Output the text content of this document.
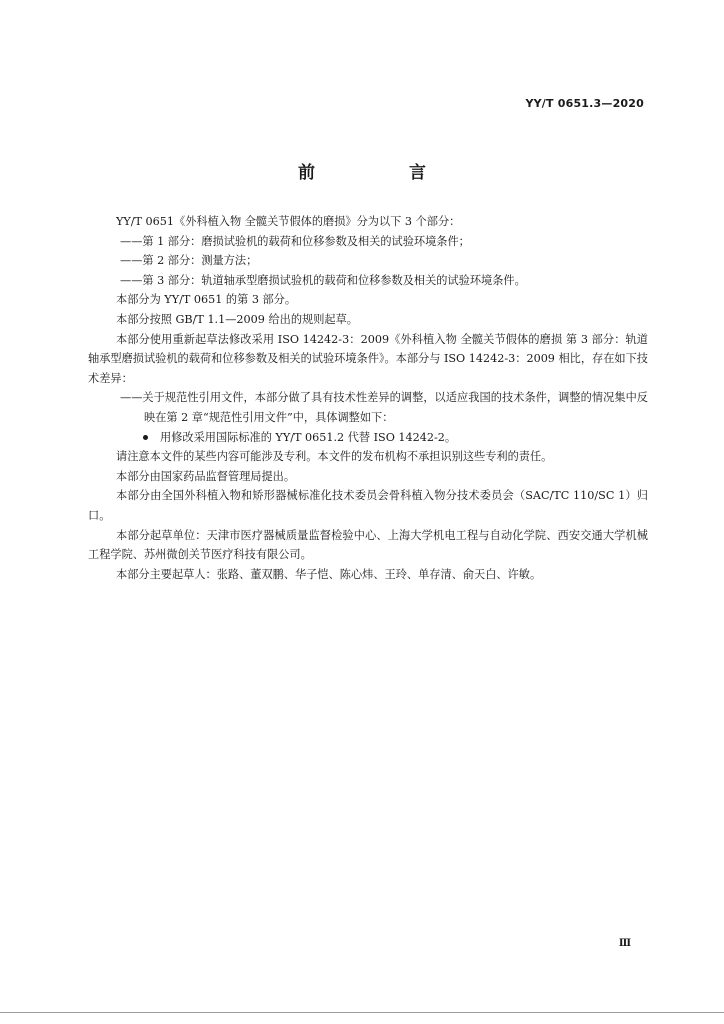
YY/T 0651.3—2020
前 言

YY/T 0651《外科植入物 全髋关节假体的磨损》分为以下 3 个部分：

——第 1 部分：磨损试验机的载荷和位移参数及相关的试验环境条件；

——第 2 部分：测量方法；

——第 3 部分：轨道轴承型磨损试验机的载荷和位移参数及相关的试验环境条件。

本部分为 YY/T 0651 的第 3 部分。

本部分按照 GB/T 1.1—2009 给出的规则起草。

本部分使用重新起草法修改采用 ISO 14242-3：2009《外科植入物 全髋关节假体的磨损 第 3 部分：轨道轴承型磨损试验机的载荷和位移参数及相关的试验环境条件》。本部分与 ISO 14242-3：2009 相比，存在如下技术差异：

——关于规范性引用文件，本部分做了具有技术性差异的调整，以适应我国的技术条件，调整的情况集中反映在第 2 章“规范性引用文件”中，具体调整如下：

用修改采用国际标准的 YY/T 0651.2 代替 ISO 14242-2。

请注意本文件的某些内容可能涉及专利。本文件的发布机构不承担识别这些专利的责任。

本部分由国家药品监督管理局提出。

本部分由全国外科植入物和矫形器械标准化技术委员会骨科植入物分技术委员会（SAC/TC 110/SC 1）归口。

本部分起草单位：天津市医疗器械质量监督检验中心、上海大学机电工程与自动化学院、西安交通大学机械工程学院、苏州微创关节医疗科技有限公司。

本部分主要起草人：张路、董双鹏、华子恺、陈心炜、王玲、单存清、俞天白、许敏。

Ⅲ
